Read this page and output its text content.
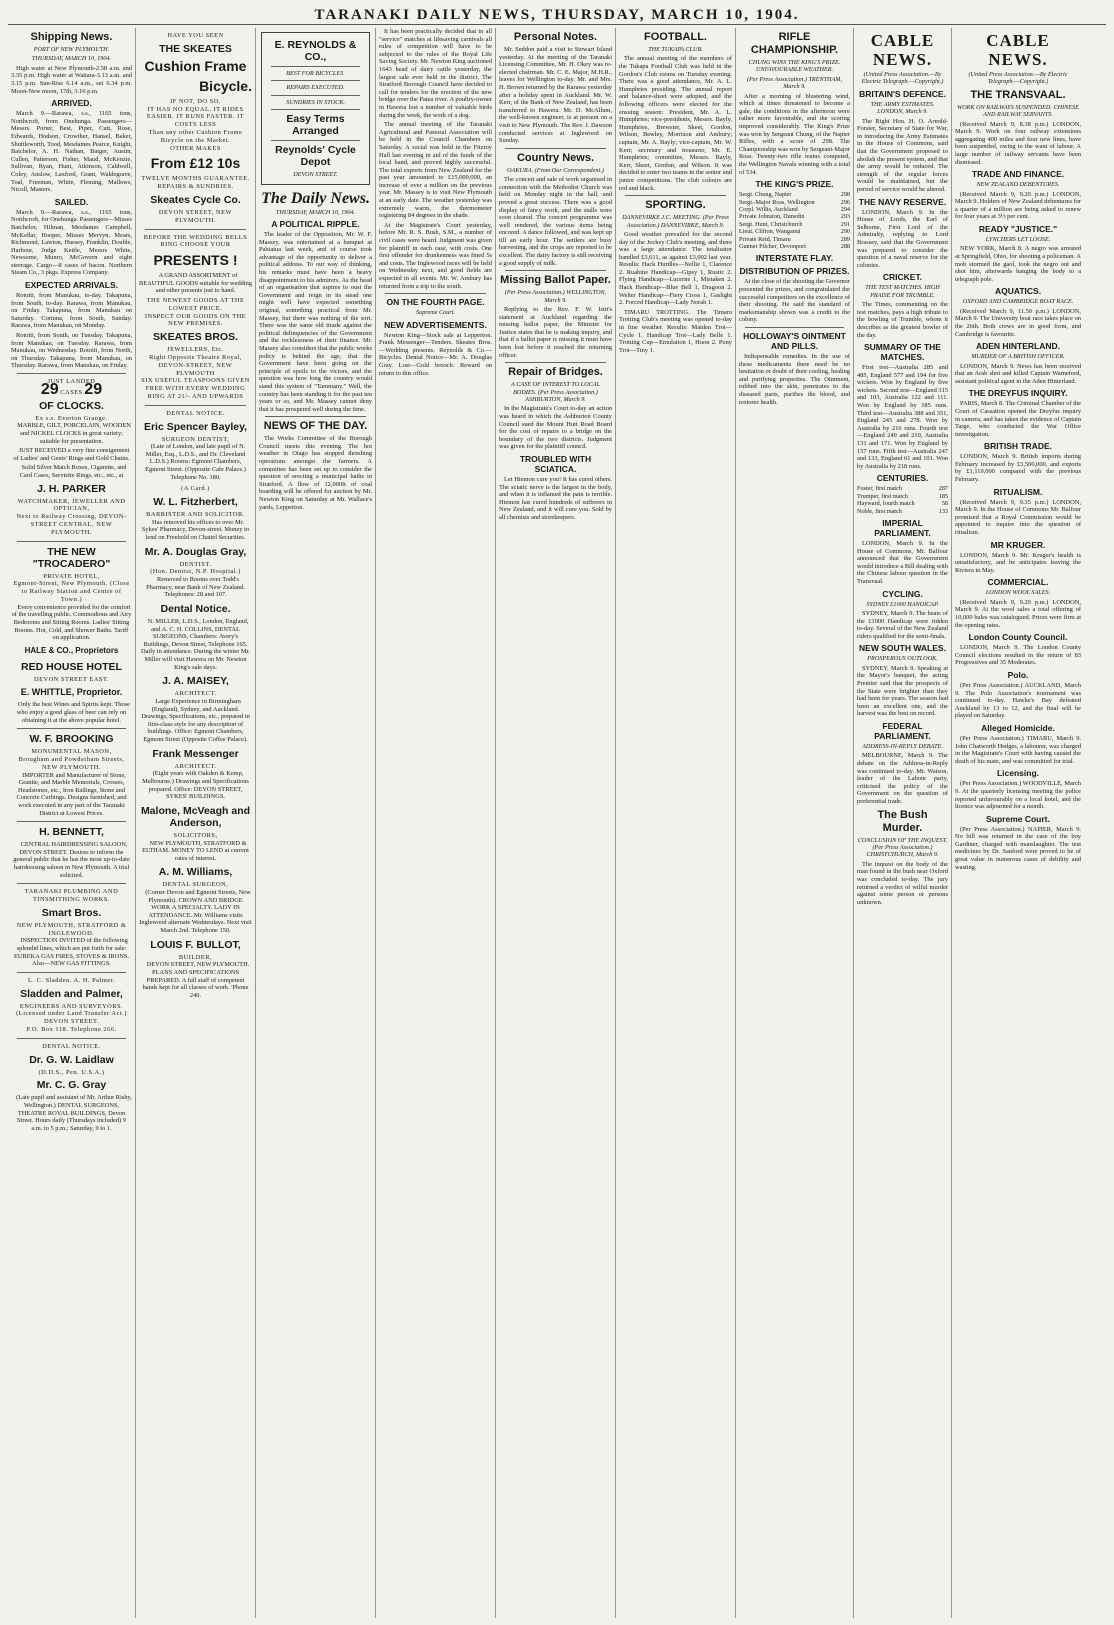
TARANAKI DAILY NEWS, THURSDAY, MARCH 10, 1904.
Shipping News.
PORT OF NEW PLYMOUTH.
THURSDAY, MARCH 10, 1904.

High water at New Plymouth-2.58 a.m. and 3.35 p.m. High water at Waitara-3.13 a.m. and 3.15 p.m. Sun-Rise 6.14 a.m., set 6.34 p.m. Moon-New moon, 17th, 3.16 p.m.

ARRIVED.

March 9.—Rarawa, s.s., 1165 tons, Northcroft, from Onehunga. Passengers—Messrs. Porter, Best, Piper, Cutt, Rose, Edwards, Hodson, Crowther, Hansel, Baker, Shuttleworth, Tood, Mesdames Pearce, Knight, Batchelor, A. H. Nathan, Batger, Austin, Cullen, Patterson, Fisher, Maud, McKenzie, Sullivan, Ryan, Hunt, Atkinson, Caldwell, Coley, Anslow, Laxford, Grant, Waldegrave, Toal, Freeman, White, Fleming, Mallows, Nicoll, Masters.

SAILED.

March 9.—Rarawa, s.s., 1165 tons, Northcroft, for Onehunga. Passengers—Misses Batchelor, Hilman, Mesdames Campbell, McKellar, Hooper, Misses Mervyn, Mears, Richmond, Lawton, Hussey, Franklin, Double, Harbour, Judge Kettle, Messrs White, Newsome, Munro, McGovern and eight steerage. Cargo—8 cases of bacon. Northern Steam Co., 3 pkgs. Express Company.

EXPECTED ARRIVALS.

Rotoiti, from Manukau, to-day. Takapuna, from South, to-day. Rarawa, from Manukau, on Friday. Takapuna, from Manukau on Saturday. Corinna, from South, Sunday. Rarawa, from Manukau, on Monday.

Rotoiti, from South, on Tuesday. Takapuna, from Manukau, on Tuesday. Rarawa, from Manukau, on Wednesday. Rotoiti, from North, on Thursday. Takapuna, from Manukau, on Thursday. Rarawa, from Manukau, on Friday.

JUST LANDED
29 CASES 29
OF CLOCKS.
Ex s.s. Everton Grange.

MARBLE, GILT, PORCELAIN, WOODEN and NICKEL CLOCKS in great variety; suitable for presentation.

JUST RECEIVED a very fine consignment of Ladies' and Gents' Rings and Gold Chains.

Solid Silver Match Boxes, Cigarette, and Card Cases, Serviette Rings, etc., etc., at

J. H. PARKER
WATCHMAKER, JEWELLER AND OPTICIAN,
Next to Railway Crossing, DEVON-STREET CENTRAL, NEW PLYMOUTH.
THE NEW "TROCADERO"
PRIVATE HOTEL,
Egmont-Street, New Plymouth. (Close to Railway Station and Centre of Town.)

Every convenience provided for the comfort of the travelling public. Commodious and Airy Bedrooms and Sitting Rooms. Ladies' Sitting Rooms. Hot, Cold, and Shower Baths. Tariff on application.

HALE & CO., Proprietors
RED HOUSE HOTEL
DEVON STREET EAST.
E. WHITTLE, Proprietor.

Only the best Wines and Spirits kept. Those who enjoy a good glass of beer can rely on obtaining it at the above popular hotel.

W. F. BROOKING
MONUMENTAL MASON,
Brougham and Powderham Streets, NEW PLYMOUTH.

IMPORTER and Manufacturer of Stone, Granite, and Marble Memorials, Crosses, Headstones, etc., Iron Railings, Stone and Concrete Curbings. Designs furnished, and work executed in any part of the Taranaki District at Lowest Prices.

H. BENNETT,

CENTRAL HAIRDRESSING SALOON, DEVON STREET. Desires to inform the general public that he has the most up-to-date hairdressing saloon in New Plymouth. A trial solicited.

TARANAKI PLUMBING AND TINSMITHING WORKS.
Smart Bros.
NEW PLYMOUTH, STRATFORD & INGLEWOOD.

INSPECTION INVITED of the following splendid lines, which are put forth for sale: EUREKA GAS FIRES, STOVES & IRONS. Also—NEW GAS FITTINGS.

L. C. Sladden. A. H. Palmer.
Sladden and Palmer,
ENGINEERS AND SURVEYORS.
(Licensed under Land Transfer Act.) DEVON STREET.
P.O. Box 118. Telephone 266.
DENTAL NOTICE.
Dr. G. W. Laidlaw
(D.D.S., Pen. U.S.A.)
Mr. C. G. Gray

(Late pupil and assistant of Mr. Arthur Rishy, Wellington.) DENTAL SURGEONS, THEATRE ROYAL BUILDINGS, Devon Street. Hours daily (Thursdays included) 9 a.m. to 5 p.m.; Saturday, 9 to 1.

HAVE YOU SEEN
THE SKEATES
Cushion Frame
Bicycle.
IF NOT, DO SO.
IT HAS NO EQUAL. IT RIDES EASIER. IT RUNS FASTER. IT COSTS LESS
Than any other Cushion Frame Bicycle on the Market.
OTHER MAKES
From £12 10s
TWELVE MONTHS GUARANTEE.
REPAIRS & SUNDRIES.
Skeates Cycle Co.
DEVON STREET, NEW PLYMOUTH.
BEFORE THE WEDDING BELLS RING CHOOSE YOUR
PRESENTS !

A GRAND ASSORTMENT of BEAUTIFUL GOODS suitable for wedding and other presents just to hand.

THE NEWEST GOODS AT THE LOWEST PRICE.
INSPECT OUR GOODS ON THE NEW PREMISES.
SKEATES BROS.
JEWELLERS, Etc.
Right Opposite Theatre Royal, DEVON-STREET, NEW PLYMOUTH
SIX USEFUL TEASPOONS GIVEN FREE WITH EVERY WEDDING RING AT 21/- AND UPWARDS
DENTAL NOTICE.
Eric Spencer Bayley,
SURGEON DENTIST,

(Late of London, and late pupil of N. Miller, Esq., L.D.S., and Dr. Cleveland L.D.S.) Rooms: Egmont Chambers, Egmont Street. (Opposite Cafe Palace.) Telephone No. 180.

(A Card.)
W. L. Fitzherbert,
BARRISTER AND SOLICITOR.

Has removed his offices to over Mr. Sykes' Pharmacy, Devon-street. Money to lend on Freehold on Chattel Securities.

Mr. A. Douglas Gray,
DENTIST.
(Hon. Dentist, N.P. Hospital.)

Removed to Rooms over Todd's Pharmacy, near Bank of New Zealand. Telephones: 28 and 107.

Dental Notice.

N. MILLER, L.D.S., London, England, and A. C. H. COLLINS, DENTAL SURGEONS, Chambers: Avery's Buildings, Devon Street, Telephone 165. Daily in attendance. During the winter Mr. Miller will visit Hawera on Mr. Newton King's sale days.

J. A. MAISEY,
ARCHITECT.

Large Experience in Birmingham (England), Sydney, and Auckland. Drawings, Specifications, etc., prepared in first-class style for any description of buildings. Office: Egmont Chambers, Egmont Street (Opposite Coffee Palace).

Frank Messenger
ARCHITECT.

(Eight years with Oakden & Kemp, Melbourne.) Drawings and Specifications prepared. Office: DEVON STREET, SYKES' BUILDINGS.

Malone, McVeagh and Anderson,
SOLICITORS,

NEW PLYMOUTH, STRATFORD & ELTHAM. MONEY TO LEND at current rates of interest.

A. M. Williams,
DENTAL SURGEON,

(Corner Devon and Egmont Streets, New Plymouth). CROWN AND BRIDGE WORK A SPECIALTY. LADY IN ATTENDANCE. Mr. Williams visits Inglewood alternate Wednesdays. Next visit March 2nd. Telephone 150.

LOUIS F. BULLOT,
BUILDER,

DEVON STREET, NEW PLYMOUTH. PLANS AND SPECIFICATIONS PREPARED. A full staff of competent hands kept for all classes of work. 'Phone 240.

E. REYNOLDS & CO.,
BEST FOR BICYCLES.
REPAIRS EXECUTED.
SUNDRIES IN STOCK.
Easy Terms Arranged
Reynolds' Cycle Depot
DEVON STREET.
The Daily News.
THURSDAY, MARCH 10, 1904.
A POLITICAL RIPPLE.

The leader of the Opposition, Mr. W. F. Massey, was entertained at a banquet at Pahiatua last week, and of course took advantage of the opportunity to deliver a political address. To our way of thinking, his remarks must have been a heavy disappointment to his admirers. As the head of an organisation that aspires to oust the Government and reign in its stead one might well have expected something original, something practical from Mr. Massey, but there was nothing of the sort. There was the same old tirade against the political delinquencies of the Government and the recklessness of their finance. Mr. Massey also considers that the public works policy is behind the age, that the Government have been going on the principle of spoils to the victors, and the question was how long the country would stand this system of "Tammany." Well, the country has been standing it for the past ten years or so, and Mr. Massey cannot deny that it has prospered well during the time.

NEWS OF THE DAY.

The Works Committee of the Borough Council meets this evening. The hot weather in Otago has stopped threshing operations amongst the farmers. A committee has been set up to consider the question of erecting a municipal baths in Stratford. A flow of 12,000ft of coal boarding will be offered for auction by Mr. Newton King on Saturday at Mr. Wallace's yards, Lepperton.

It has been practically decided that in all "service" matches at lifesaving carnivals all rules of competition will have to be subjected to the rules of the Royal Life Saving Society. Mr. Newton King auctioned 1643 head of dairy cattle yesterday, the largest sale ever held in the district. The Stratford Borough Council have decided to call for tenders for the erection of the new bridge over the Patea river. A poultry-owner in Hawera lost a number of valuable birds during the week, the work of a dog.

The annual meeting of the Taranaki Agricultural and Pastoral Association will be held in the Council Chambers on Saturday. A social was held in the Fitzroy Hall last evening in aid of the funds of the local band, and proved highly successful. The total exports from New Zealand for the past year amounted to £15,000,000, an increase of over a million on the previous year. Mr. Massey is to visit New Plymouth at an early date. The weather yesterday was extremely warm, the thermometer registering 84 degrees in the shade.

At the Magistrate's Court yesterday, before Mr. R. S. Bush, S.M., a number of civil cases were heard. Judgment was given for plaintiff in each case, with costs. One first offender for drunkenness was fined 5s and costs. The Inglewood races will be held on Wednesday next, and good fields are expected in all events. Mr. W. Ambury has returned from a trip to the south.

ON THE FOURTH PAGE.
Supreme Court.
NEW ADVERTISEMENTS.

Newton King—Stock sale at Lepperton. Frank Messenger—Tenders. Skeates Bros.—Wedding presents. Reynolds & Co.—Bicycles. Dental Notice—Mr. A. Douglas Gray. Lost—Gold brooch. Reward on return to this office.

Personal Notes.

Mr. Seddon paid a visit to Stewart Island yesterday. At the meeting of the Taranaki Licensing Committee, Mr. H. Okey was re-elected chairman. Mr. C. E. Major, M.H.R., leaves for Wellington to-day. Mr. and Mrs. H. Brown returned by the Rarawa yesterday after a holiday spent in Auckland. Mr. W. Kerr, of the Bank of New Zealand, has been transferred to Hawera. Mr. D. McAllum, the well-known engineer, is at present on a visit to New Plymouth. The Rev. J. Dawson conducted services at Inglewood on Sunday.

Country News.
OAKURA. (From Our Correspondent.)

The concert and sale of work organised in connection with the Methodist Church was held on Monday night in the hall, and proved a great success. There was a good display of fancy work, and the stalls were soon cleared. The concert programme was well rendered, the various items being encored. A dance followed, and was kept up till an early hour. The settlers are busy harvesting, and the crops are reported to be excellent. The dairy factory is still receiving a good supply of milk.

Missing Ballot Paper.
(Per Press Association.) WELLINGTON, March 9.

Replying to the Rev. F. W. Isitt's statement at Auckland regarding the missing ballot paper, the Minister for Justice states that he is making inquiry, and that if a ballot paper is missing it must have been lost before it reached the returning officer.

Repair of Bridges.
A CASE OF INTEREST TO LOCAL BODIES. (Per Press Association.) ASHBURTON, March 9.

In the Magistrate's Court to-day an action was heard in which the Ashburton County Council sued the Mount Hutt Road Board for the cost of repairs to a bridge on the boundary of the two districts. Judgment was given for the plaintiff council.

TROUBLED WITH SCIATICA.

Let Hiemon cure you! It has cured others. The sciatic nerve is the largest in the body, and when it is inflamed the pain is terrible. Hiemon has cured hundreds of sufferers in New Zealand, and it will cure you. Sold by all chemists and storekeepers.

FOOTBALL.
THE TUKAPA CLUB.

The annual meeting of the members of the Tukapa Football Club was held in the Gordon's Club rooms on Tuesday evening. There was a good attendance, Mr. A. L. Humphries presiding. The annual report and balance-sheet were adopted, and the following officers were elected for the ensuing season: President, Mr. A. L. Humphries; vice-presidents, Messrs. Bayly, Humphries, Brewster, Skeet, Gordon, Wilson, Bewley, Morrison and Ambury; captain, Mr. A. Bayly; vice-captain, Mr. W. Kerr; secretary and treasurer, Mr. E. Humphries; committee, Messrs. Bayly, Kerr, Skeet, Gordon, and Wilson. It was decided to enter two teams in the senior and junior competitions. The club colours are red and black.

SPORTING.
DANNEVIRKE J.C. MEETING. (Per Press Association.) DANNEVIRKE, March 9.

Good weather prevailed for the second day of the Jockey Club's meeting, and there was a large attendance. The totalisator handled £3,611, as against £3,002 last year. Results: Hack Hurdles—Nellie 1, Clarence 2. Ruahine Handicap—Gipsy 1, Rustic 2. Flying Handicap—Lucerne 1, Mistaken 2. Hack Handicap—Blue Bell 1, Dragoon 2. Welter Handicap—Fiery Cross 1, Gaslight 2. Forced Handicap—Lady Norah 1.

TIMARU TROTTING. The Timaru Trotting Club's meeting was opened to-day in fine weather. Results: Maiden Trot—Cycle 1. Handicap Trot—Lady Belle 1. Trotting Cup—Emulation 1, Huon 2. Pony Trot—Tiny 1.

RIFLE CHAMPIONSHIP.
CHUNG WINS THE KING'S PRIZE. UNFAVOURABLE WEATHER.
(Per Press Association.) TRENTHAM, March 9.

After a morning of blustering wind, which at times threatened to become a gale, the conditions in the afternoon were rather more favourable, and the scoring improved considerably. The King's Prize was won by Sergeant Chung, of the Napier Rifles, with a score of 298. The Championship was won by Sergeant-Major Ross. Twenty-two rifle teams competed, the Wellington Navals winning with a total of 534.

THE KING'S PRIZE.
Sergt. Chung, Napier	298
Sergt.-Major Ross, Wellington	296
Corpl. Willis, Auckland	294
Private Johnston, Dunedin	293
Sergt. Hunt, Christchurch	291
Lieut. Clifton, Wanganui	290
Private Reid, Timaru	289
Gunner Pilcher, Devonport	288
INTERSTATE FLAY.
DISTRIBUTION OF PRIZES.

At the close of the shooting the Governor presented the prizes, and congratulated the successful competitors on the excellence of their shooting. He said the standard of marksmanship shown was a credit to the colony.

HOLLOWAY'S OINTMENT AND PILLS.

Indispensable remedies. In the use of these medicaments there need be no hesitation or doubt of their cooling, healing and purifying properties. The Ointment, rubbed into the skin, penetrates to the diseased parts, purifies the blood, and restores health.

CABLE NEWS.
(United Press Association.—By Electric Telegraph.—Copyright.)
BRITAIN'S DEFENCE.
THE ARMY ESTIMATES. LONDON, March 9.

The Right Hon. H. O. Arnold-Forster, Secretary of State for War, in introducing the Army Estimates in the House of Commons, said that the Government proposed to abolish the present system, and that the army would be reduced. The strength of the regular forces would be maintained, but the period of service would be altered.

THE NAVY RESERVE.

LONDON, March 9. In the House of Lords, the Earl of Selborne, First Lord of the Admiralty, replying to Lord Brassey, said that the Government was prepared to consider the question of a naval reserve for the colonies.

CRICKET.
THE TEST MATCHES. HIGH PRAISE FOR TRUMBLE.

The Times, commenting on the test matches, pays a high tribute to the bowling of Trumble, whom it describes as the greatest bowler of the day.

SUMMARY OF THE MATCHES.

First test—Australia 285 and 485, England 577 and 194 for five wickets. Won by England by five wickets. Second test—England 315 and 103, Australia 122 and 111. Won by England by 185 runs. Third test—Australia 388 and 351, England 245 and 278. Won by Australia by 216 runs. Fourth test—England 249 and 210, Australia 131 and 171. Won by England by 157 runs. Fifth test—Australia 247 and 133, England 61 and 101. Won by Australia by 218 runs.

CENTURIES.
Foster, first match	287
Trumper, first match	185
Hayward, fourth match	58
Noble, first match	133
IMPERIAL PARLIAMENT.

LONDON, March 9. In the House of Commons, Mr. Balfour announced that the Government would introduce a Bill dealing with the Chinese labour question in the Transvaal.

CYCLING.
SYDNEY £1000 HANDICAP.

SYDNEY, March 9. The heats of the £1000 Handicap were ridden to-day. Several of the New Zealand riders qualified for the semi-finals.

NEW SOUTH WALES.
PROSPEROUS OUTLOOK.

SYDNEY, March 9. Speaking at the Mayor's banquet, the acting Premier said that the prospects of the State were brighter than they had been for years. The season had been an excellent one, and the harvest was the best on record.

FEDERAL PARLIAMENT.
ADDRESS-IN-REPLY DEBATE.

MELBOURNE, March 9. The debate on the Address-in-Reply was continued to-day. Mr. Watson, leader of the Labour party, criticised the policy of the Government on the question of preferential trade.

The Bush Murder.
CONCLUSION OF THE INQUEST. (Per Press Association.) CHRISTCHURCH, March 9.

The inquest on the body of the man found in the bush near Oxford was concluded to-day. The jury returned a verdict of wilful murder against some person or persons unknown.

CABLE NEWS.
(United Press Association.—By Electric Telegraph.—Copyright.)
THE TRANSVAAL.
WORK ON RAILWAYS SUSPENDED. CHINESE AND RAILWAY SERVANTS.

(Received March 9, 8.38 p.m.) LONDON, March 9. Work on four railway extensions aggregating 400 miles and four new lines, have been suspended, owing to the want of labour. A large number of railway servants have been dismissed.

TRADE AND FINANCE.
NEW ZEALAND DEBENTURES.

(Received March 9, 9.20 p.m.) LONDON, March 9. Holders of New Zealand debentures for a quarter of a million are being asked to renew for four years at 3½ per cent.

READY "JUSTICE."
LYNCHERS LET LOOSE.

NEW YORK, March 8. A negro was arrested at Springfield, Ohio, for shooting a policeman. A mob stormed the gaol, took the negro out and shot him, afterwards hanging the body to a telegraph pole.

AQUATICS.
OXFORD AND CAMBRIDGE BOAT RACE.

(Received March 9, 11.50 p.m.) LONDON, March 9. The University boat race takes place on the 26th. Both crews are in good form, and Cambridge is favourite.

ADEN HINTERLAND.
MURDER OF A BRITISH OFFICER.

LONDON, March 9. News has been received that an Arab shot and killed Captain Warneford, assistant political agent in the Aden Hinterland.

THE DREYFUS INQUIRY.

PARIS, March 8. The Criminal Chamber of the Court of Cassation opened the Dreyfus inquiry in camera, and has taken the evidence of Captain Targe, who conducted the War Office investigation.

BRITISH TRADE.

LONDON, March 9. British imports during February increased by £3,500,000, and exports by £1,119,000 compared with the previous February.

RITUALISM.

(Received March 9, 9.35 p.m.) LONDON, March 9. In the House of Commons Mr. Balfour promised that a Royal Commission would be appointed to inquire into the question of ritualism.

MR KRUGER.

LONDON, March 9. Mr. Kruger's health is unsatisfactory, and he anticipates leaving the Riviera in May.

COMMERCIAL.
LONDON WOOL SALES.

(Received March 9, 9.20 p.m.) LONDON, March 9. At the wool sales a total offering of 10,000 bales was catalogued. Prices were firm at the opening rates.

London County Council.

LONDON, March 9. The London County Council elections resulted in the return of 83 Progressives and 35 Moderates.

Polo.

(Per Press Association.) AUCKLAND, March 9. The Polo Association's tournament was continued to-day. Hawke's Bay defeated Auckland by 13 to 12, and the final will be played on Saturday.

Alleged Homicide.

(Per Press Association.) TIMARU, March 9. John Chatworth Hedges, a labourer, was charged in the Magistrate's Court with having caused the death of his mate, and was committed for trial.

Licensing.

(Per Press Association.) WOODVILLE, March 9. At the quarterly licensing meeting the police reported unfavourably on a local hotel, and the licence was adjourned for a month.

Supreme Court.

(Per Press Association.) NAPIER, March 9. No bill was returned in the case of the boy Gardiner, charged with manslaughter. The test medicines by Dr. Sanford were proved to be of great value in numerous cases of debility and wasting.
